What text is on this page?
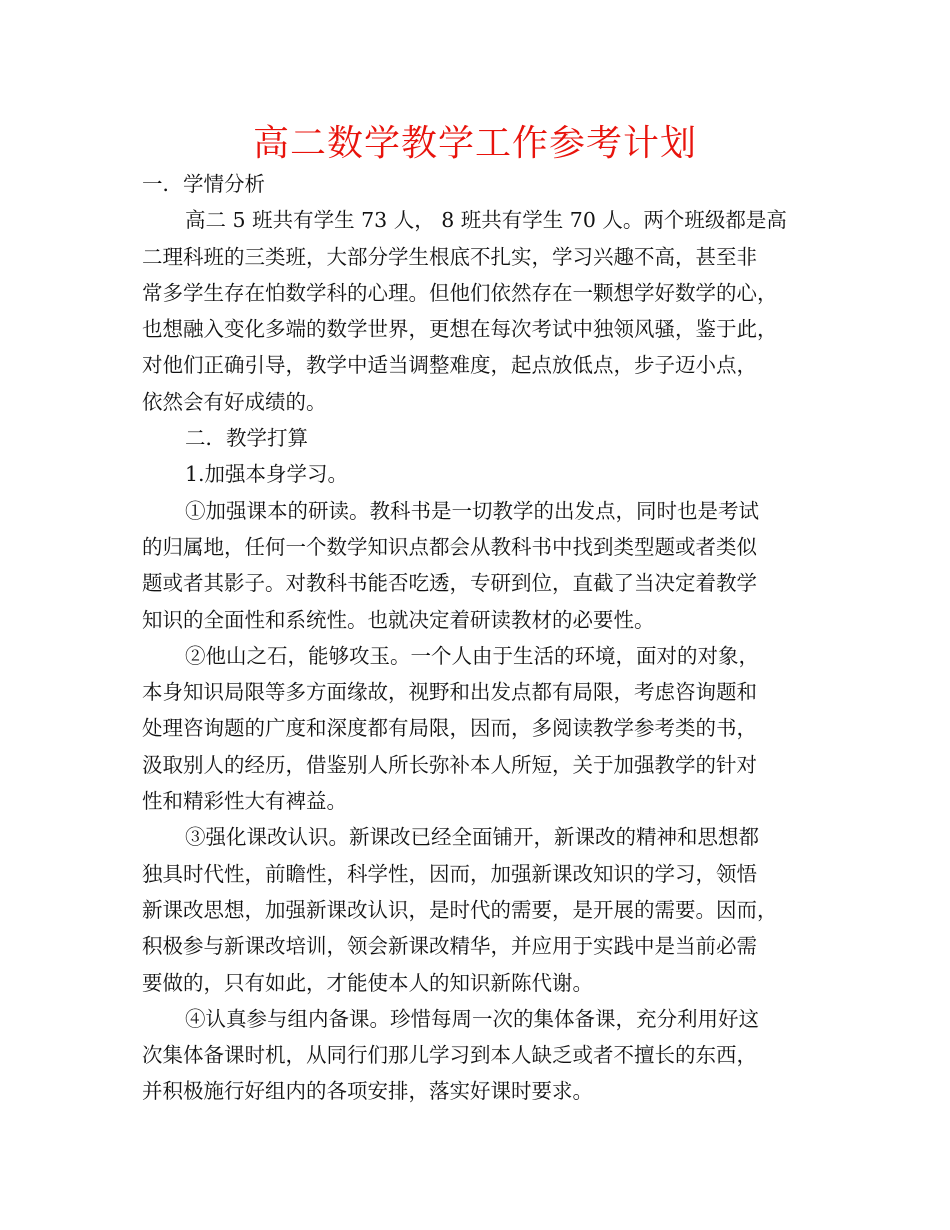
高二数学教学工作参考计划

一．学情分析

高二 5 班共有学生 73 人， 8 班共有学生 70 人。两个班级都是高

二理科班的三类班，大部分学生根底不扎实，学习兴趣不高，甚至非

常多学生存在怕数学科的心理。但他们依然存在一颗想学好数学的心，

也想融入变化多端的数学世界，更想在每次考试中独领风骚，鉴于此，

对他们正确引导，教学中适当调整难度，起点放低点，步子迈小点，

依然会有好成绩的。

二．教学打算

1.加强本身学习。

①加强课本的研读。教科书是一切教学的出发点，同时也是考试

的归属地，任何一个数学知识点都会从教科书中找到类型题或者类似

题或者其影子。对教科书能否吃透，专研到位，直截了当决定着教学

知识的全面性和系统性。也就决定着研读教材的必要性。

②他山之石，能够攻玉。一个人由于生活的环境，面对的对象，

本身知识局限等多方面缘故，视野和出发点都有局限，考虑咨询题和

处理咨询题的广度和深度都有局限，因而，多阅读教学参考类的书，

汲取别人的经历，借鉴别人所长弥补本人所短，关于加强教学的针对

性和精彩性大有裨益。

③强化课改认识。新课改已经全面铺开，新课改的精神和思想都

独具时代性，前瞻性，科学性，因而，加强新课改知识的学习，领悟

新课改思想，加强新课改认识，是时代的需要，是开展的需要。因而，

积极参与新课改培训，领会新课改精华，并应用于实践中是当前必需

要做的，只有如此，才能使本人的知识新陈代谢。

④认真参与组内备课。珍惜每周一次的集体备课，充分利用好这

次集体备课时机，从同行们那儿学习到本人缺乏或者不擅长的东西，

并积极施行好组内的各项安排，落实好课时要求。
